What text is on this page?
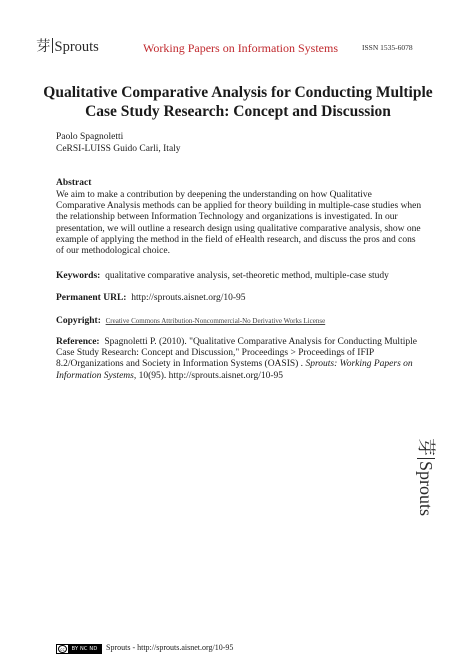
芽 Sprouts	Working Papers on Information Systems	ISSN 1535-6078
Qualitative Comparative Analysis for Conducting Multiple Case Study Research: Concept and Discussion
Paolo Spagnoletti
CeRSI-LUISS Guido Carli, Italy
Abstract
We aim to make a contribution by deepening the understanding on how Qualitative Comparative Analysis methods can be applied for theory building in multiple-case studies when the relationship between Information Technology and organizations is investigated. In our presentation, we will outline a research design using qualitative comparative analysis, show one example of applying the method in the field of eHealth research, and discuss the pros and cons of our methodological choice.
Keywords: qualitative comparative analysis, set-theoretic method, multiple-case study
Permanent URL: http://sprouts.aisnet.org/10-95
Copyright: Creative Commons Attribution-Noncommercial-No Derivative Works License
Reference: Spagnoletti P. (2010). "Qualitative Comparative Analysis for Conducting Multiple Case Study Research: Concept and Discussion," Proceedings > Proceedings of IFIP 8.2/Organizations and Society in Information Systems (OASIS) . Sprouts: Working Papers on Information Systems, 10(95). http://sprouts.aisnet.org/10-95
芽Sprouts
cc	BY NC ND	Sprouts - http://sprouts.aisnet.org/10-95
